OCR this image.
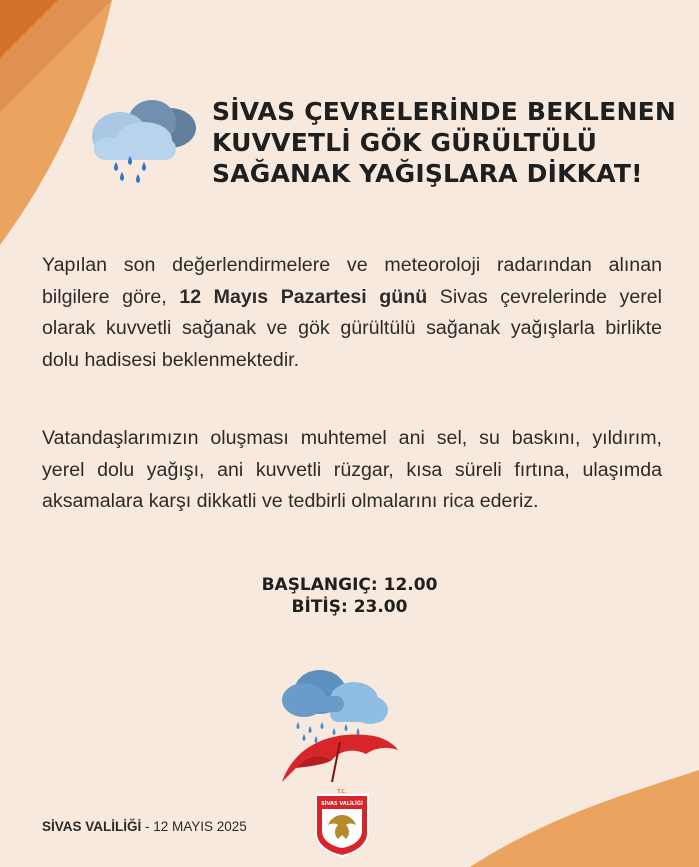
SİVAS ÇEVRELERİNDE BEKLENEN
KUVVETLİ GÖK GÜRÜLTÜLÜ
SAĞANAK YAĞIŞLARA DİKKAT!

Yapılan son değerlendirmelere ve meteoroloji radarından alınan bilgilere göre, 12 Mayıs Pazartesi günü Sivas çevrelerinde yerel olarak kuvvetli sağanak ve gök gürültülü sağanak yağışlarla birlikte dolu hadisesi beklenmektedir.

Vatandaşlarımızın oluşması muhtemel ani sel, su baskını, yıldırım, yerel dolu yağışı, ani kuvvetli rüzgar, kısa süreli fırtına, ulaşımda aksamalara karşı dikkatli ve tedbirli olmalarını rica ederiz.

BAŞLANGIÇ: 12.00
BİTİŞ: 23.00
T.C.
SİVAS VALİLİĞİ
SİVAS VALİLİĞİ - 12 MAYIS 2025
